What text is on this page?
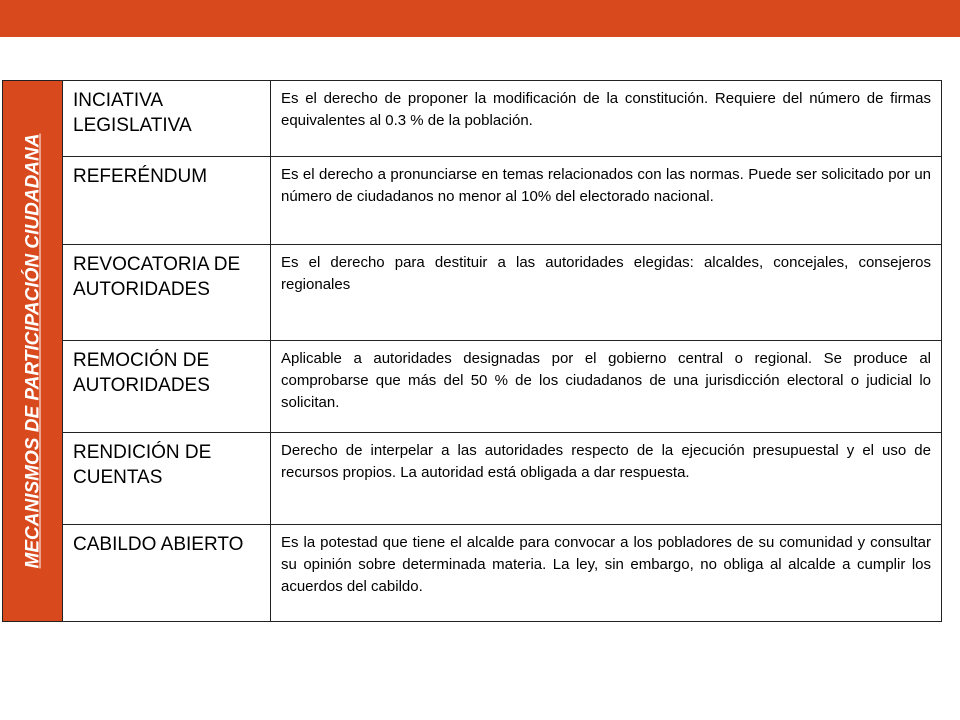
MECANISMOS DE PARTICIPACIÓN CIUDADANA
INCIATIVA LEGISLATIVA
Es el derecho de proponer la modificación de la constitución. Requiere del número de firmas equivalentes al 0.3 % de la población.
REFERÉNDUM	Es el derecho a pronunciarse en temas relacionados con las normas. Puede ser solicitado por un número de ciudadanos no menor al 10% del electorado nacional.
REVOCATORIA DE AUTORIDADES
Es el derecho para destituir a las autoridades elegidas: alcaldes, concejales, consejeros regionales
REMOCIÓN DE AUTORIDADES
Aplicable a autoridades designadas por el gobierno central o regional. Se produce al comprobarse que más del 50 % de los ciudadanos de una jurisdicción electoral o judicial lo solicitan.
RENDICIÓN DE CUENTAS
Derecho de interpelar a las autoridades respecto de la ejecución presupuestal y el uso de recursos propios. La autoridad está obligada a dar respuesta.
CABILDO ABIERTO	Es la potestad que tiene el alcalde para convocar a los pobladores de su comunidad y consultar su opinión sobre determinada materia. La ley, sin embargo, no obliga al alcalde a cumplir los acuerdos del cabildo.
